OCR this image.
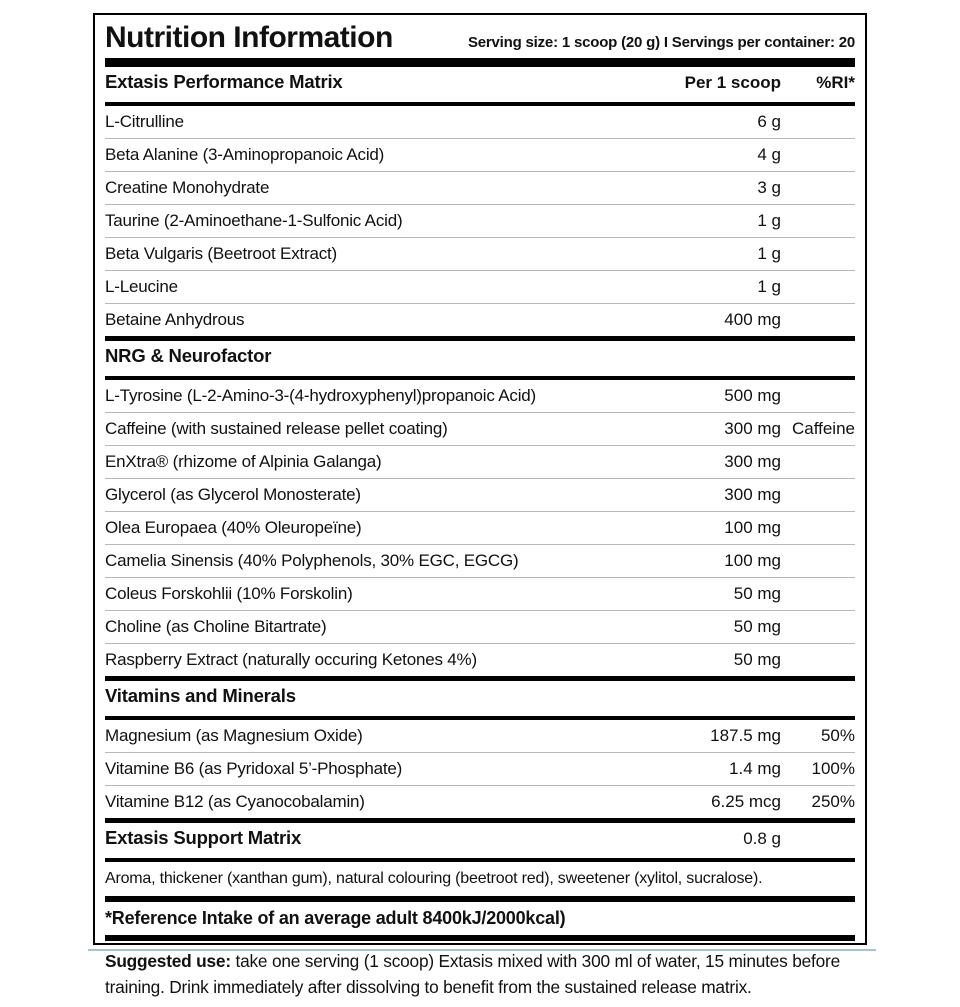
Nutrition Information	Serving size: 1 scoop (20 g) I Servings per container: 20
Extasis Performance Matrix	Per 1 scoop	%RI*
L-Citrulline	6 g
Beta Alanine (3-Aminopropanoic Acid)	4 g
Creatine Monohydrate	3 g
Taurine (2-Aminoethane-1-Sulfonic Acid)	1 g
Beta Vulgaris (Beetroot Extract)	1 g
L-Leucine	1 g
Betaine Anhydrous	400 mg
NRG & Neurofactor
L-Tyrosine (L-2-Amino-3-(4-hydroxyphenyl)propanoic Acid)	500 mg
Caffeine (with sustained release pellet coating)	300 mg Caffeine
EnXtra® (rhizome of Alpinia Galanga)	300 mg
Glycerol (as Glycerol Monosterate)	300 mg
Olea Europaea (40% Oleuropeïne)	100 mg
Camelia Sinensis (40% Polyphenols, 30% EGC, EGCG)	100 mg
Coleus Forskohlii (10% Forskolin)	50 mg
Choline (as Choline Bitartrate)	50 mg
Raspberry Extract (naturally occuring Ketones 4%)	50 mg
Vitamins and Minerals
Magnesium (as Magnesium Oxide)	187.5 mg	50%
Vitamine B6 (as Pyridoxal 5’-Phosphate)	1.4 mg	100%
Vitamine B12 (as Cyanocobalamin)	6.25 mcg	250%
Extasis Support Matrix	0.8 g
Aroma, thickener (xanthan gum), natural colouring (beetroot red), sweetener (xylitol, sucralose).
*Reference Intake of an average adult 8400kJ/2000kcal)

Suggested use: take one serving (1 scoop) Extasis mixed with 300 ml of water, 15 minutes before training. Drink immediately after dissolving to benefit from the sustained release matrix.
